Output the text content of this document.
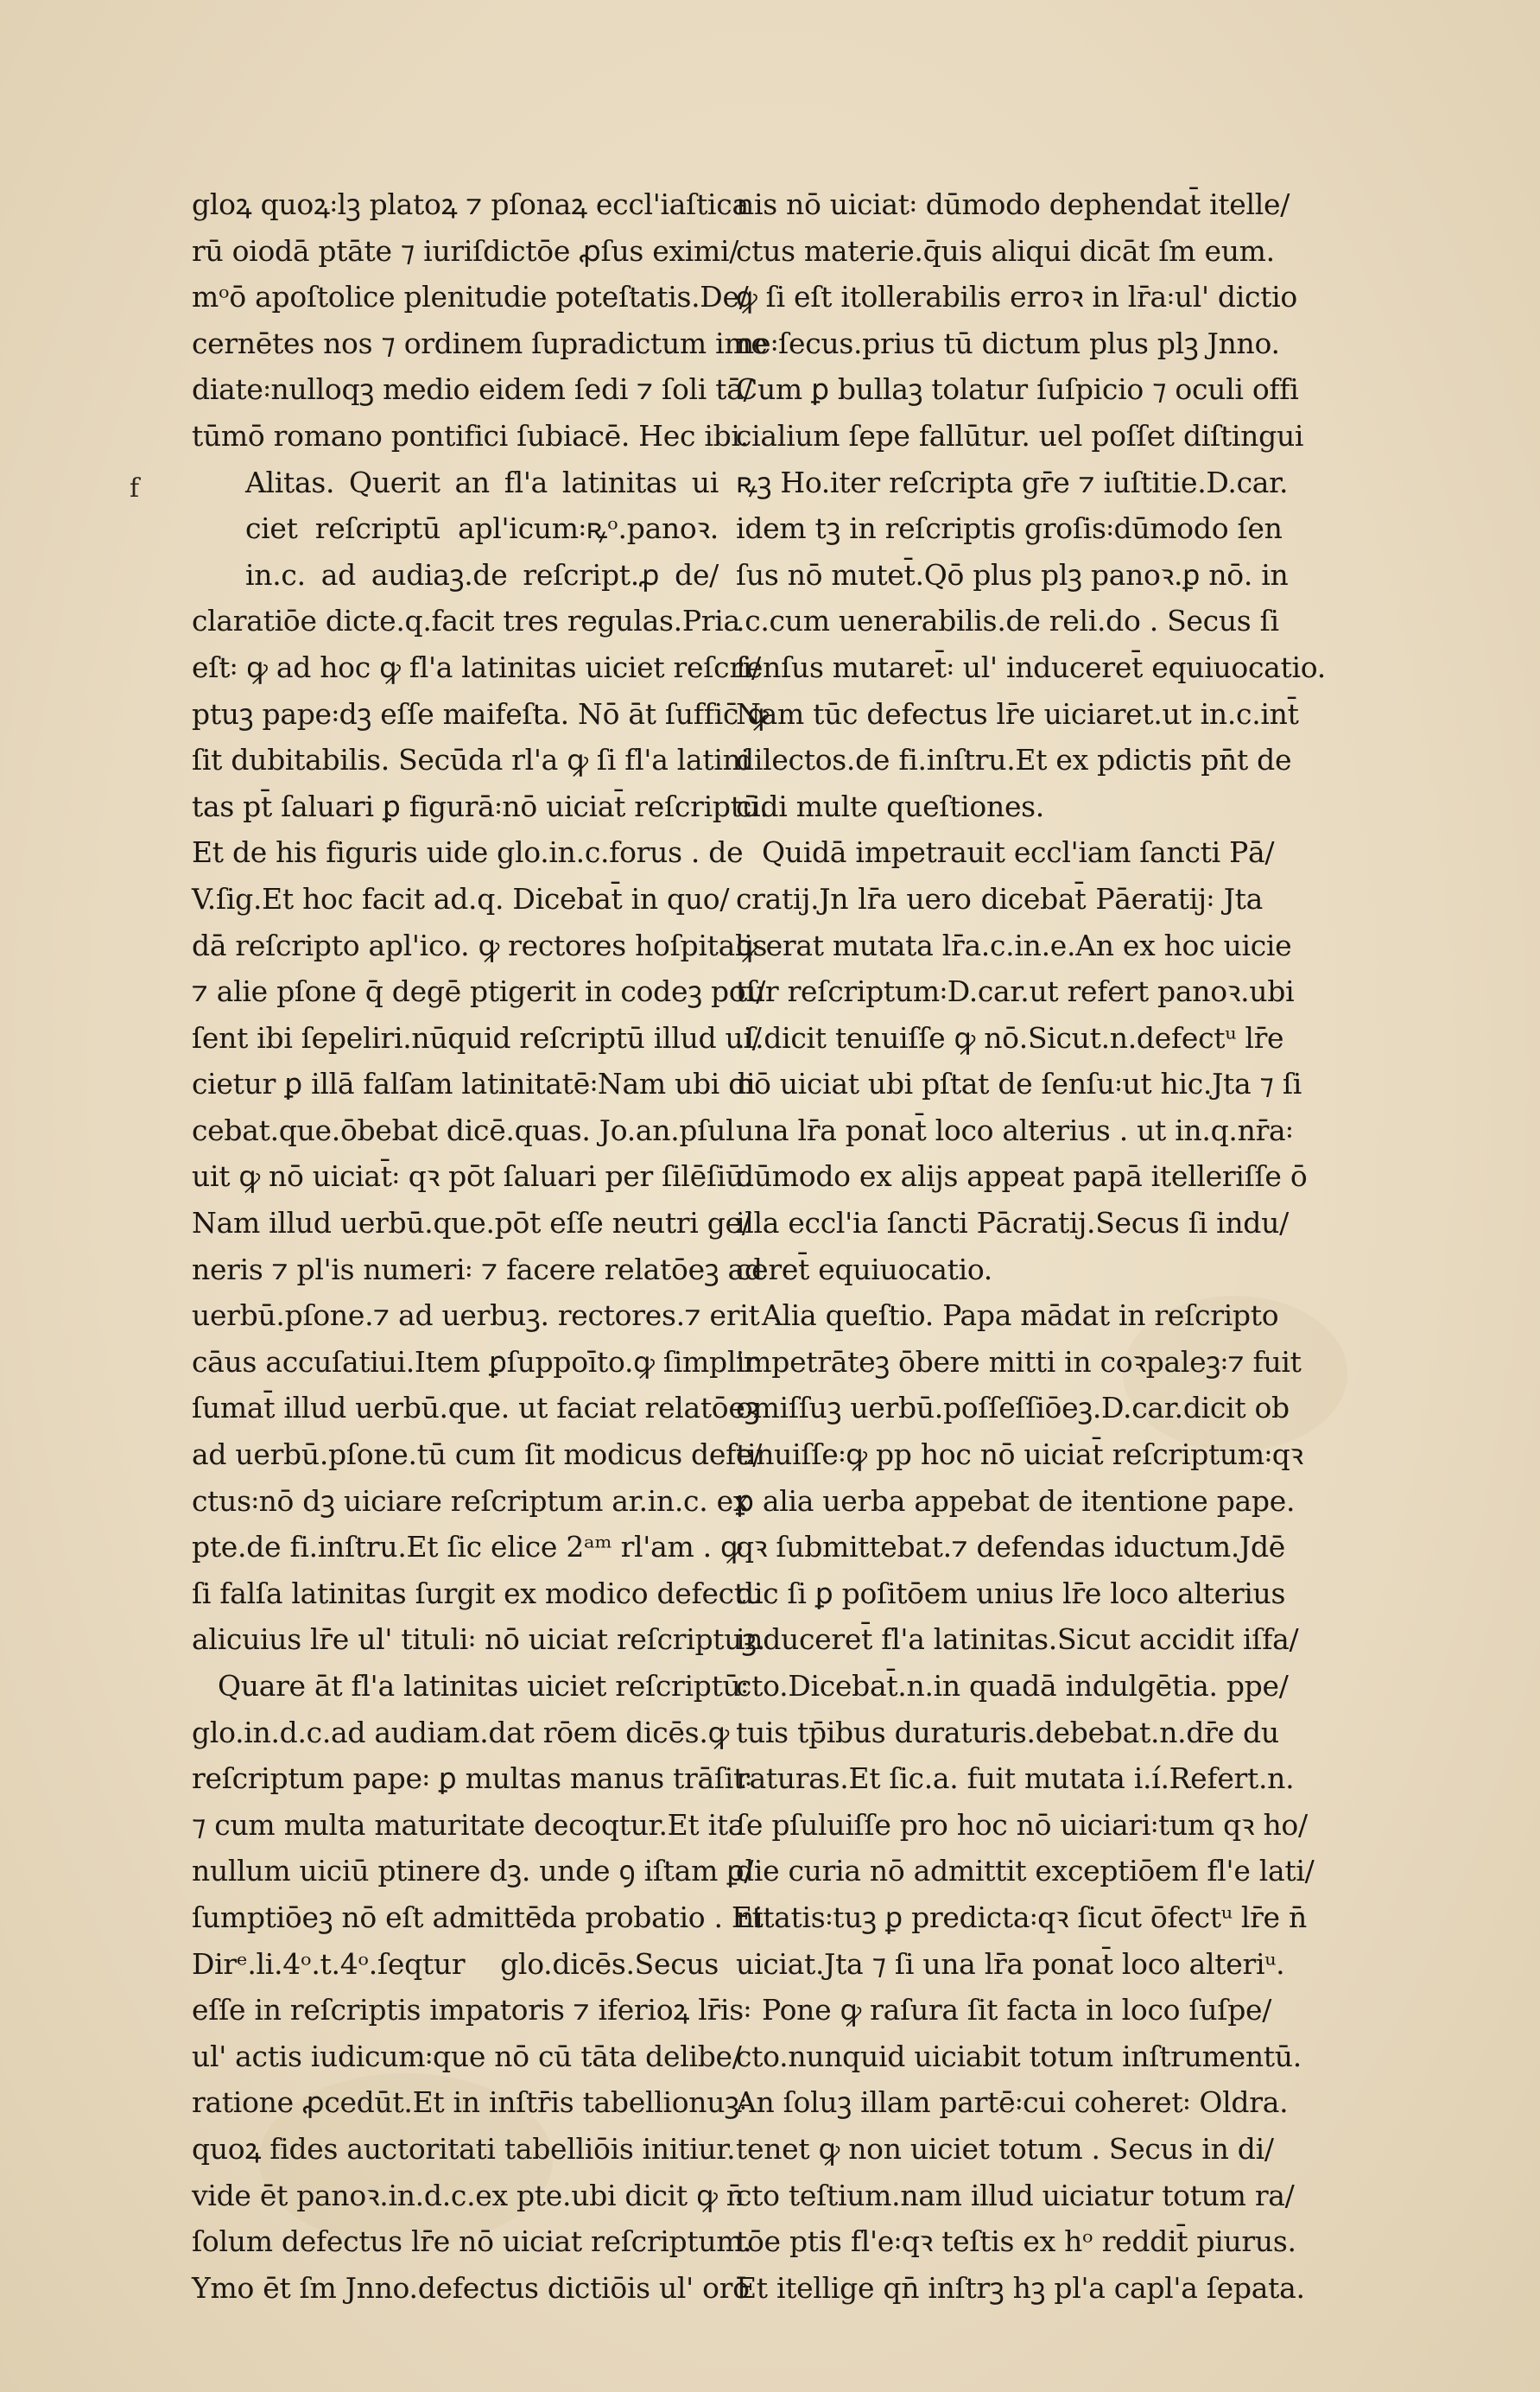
f
gloꝝ quoꝝ꞉lꝫ platoꝝ ⁊ pſonaꝝ eccl'iaſtica
rū oiodā ptāte ⁊ iuriſdictōe ꝓſus eximi/
mᵒō apoſtolice plenitudie poteſtatis.De/
cernētes nos ⁊ ordinem ſupradictum ime
diate꞉nulloqꝫ medio eidem ſedi ⁊ ſoli tā/
tūmō romano pontifici ſubiacē. Hec ibi.
Alitas. Querit an fl'a latinitas ui
ciet reſcriptū apl'icum꞉ꝶᵒ.panoꝛ.
in.c. ad audiaꝫ.de reſcript.ꝓ de/
claratiōe dicte.q.facit tres regulas.Pria
eſt꞉ ꝙ ad hoc ꝙ fl'a latinitas uiciet reſcri/
ptuꝫ pape꞉dꝫ eſſe maifeſta. Nō āt ſuffic̄ ꝙ
ſit dubitabilis. Secūda rl'a ꝙ ſi fl'a latini
tas pt̄ ſaluari ꝑ figurā꞉nō uiciat̄ reſcriptū.
Et de his figuris uide glo.in.c.forus . de
V.ſig.Et hoc facit ad.q. Dicebat̄ in quo/
dā reſcripto apl'ico. ꝙ rectores hoſpitalis
⁊ alie pſone q̄ degē ptigerit in codeꝫ poſ/
ſent ibi ſepeliri.nūquid reſcriptū illud ui/
cietur ꝑ illā falſam latinitatē꞉Nam ubi di
cebat.que.ōbebat dicē.quas. Jo.an.pſul
uit ꝙ nō uiciat̄꞉ qꝛ pōt ſaluari per ſilēſiū.
Nam illud uerbū.que.pōt eſſe neutri ge/
neris ⁊ pl'is numeri꞉ ⁊ facere relatōeꝫ ad
uerbū.pſone.⁊ ad uerbuꝫ. rectores.⁊ erit
cāus accuſatiui.Item ꝑſuppoīto.ꝙ ſimpl'r
ſumat̄ illud uerbū.que. ut faciat relatōeꝫ
ad uerbū.pſone.tū cum ſit modicus defe/
ctus꞉nō dꝫ uiciare reſcriptum ar.in.c. ex
pte.de fi.inſtru.Et ſic elice 2ᵃᵐ rl'am . ꝙ
ſi falſa latinitas ſurgit ex modico defectu
alicuius lr̄e ul' tituli꞉ nō uiciat reſcriptuꝫ.
Quare āt fl'a latinitas uiciet reſcriptū꞉
glo.in.d.c.ad audiam.dat rōem dicēs.ꝙ
reſcriptum pape꞉ ꝑ multas manus trāſit꞉
⁊ cum multa maturitate decoqtur.Et ita
nullum uiciū ptinere dꝫ. unde ꝯ iſtam ꝑ/
ſumptiōeꝫ nō eſt admittēda probatio . Et
Dirᵉ.li.4ᵒ.t.4ᵒ.ſeqtur glo.dicēs.Secus
eſſe in reſcriptis impatoris ⁊ iferioꝝ lr̄is꞉
ul' actis iudicum꞉que nō cū tāta delibe/
ratione ꝓcedūt.Et in inſtr̄is tabellionuꝫ꞉
quoꝝ fides auctoritati tabelliōis initiur.
vide ēt panoꝛ.in.d.c.ex pte.ubi dicit ꝙ n̄
ſolum defectus lr̄e nō uiciat reſcriptum.
Ymo ēt ſm Jnno.defectus dictiōis ul' orō
nis nō uiciat꞉ dūmodo dephendat̄ itelle/
ctus materie.q̄uis aliqui dicāt ſm eum.
ꝙ ſi eſt itollerabilis erroꝛ in lr̄a꞉ul' dictio
ne꞉ſecus.prius tū dictum plus plꝫ Jnno.
Cum ꝑ bullaꝫ tolatur ſuſpicio ⁊ oculi offi
cialium ſepe fallūtur. uel poſſet diſtingui
ꝶꝫ Ho.iter reſcripta gr̄e ⁊ iuſtitie.D.car.
idem tꝫ in reſcriptis groſis꞉dūmodo ſen
ſus nō mutet̄.Qō plus plꝫ panoꝛ.ꝑ nō. in
.c.cum uenerabilis.de reli.do . Secus ſi
ſenſus mutaret̄꞉ ul' induceret̄ equiuocatio.
Nam tūc defectus lr̄e uiciaret.ut in.c.int̄
dilectos.de fi.inſtru.Et ex pdictis pn̄t de
cidi multe queſtiones.
Quidā impetrauit eccl'iam ſancti Pā/
cratij.Jn lr̄a uero dicebat̄ Pāeratij꞉ Jta
ꝙ erat mutata lr̄a.c.in.e.An ex hoc uicie
tur reſcriptum꞉D.car.ut refert panoꝛ.ubi
.ſ.dicit tenuiſſe ꝙ nō.Sicut.n.defectᵘ lr̄e
nō uiciat ubi pſtat de ſenſu꞉ut hic.Jta ⁊ ſi
una lr̄a ponat̄ loco alterius . ut in.q.nr̄a꞉
dūmodo ex alijs appeat papā itelleriſſe ō
illa eccl'ia ſancti Pācratij.Secus ſi indu/
ceret̄ equiuocatio.
Alia queſtio. Papa mādat in reſcripto
impetrāteꝫ ōbere mitti in coꝛpaleꝫ꞉⁊ fuit
omiſſuꝫ uerbū.poſſeſſiōeꝫ.D.car.dicit ob
tinuiſſe꞉ꝙ pp hoc nō uiciat̄ reſcriptum꞉qꝛ
ꝑ alia uerba appebat de itentione pape.
qꝛ ſubmittebat.⁊ defendas iductum.Jdē
dic ſi ꝑ poſitōem unius lr̄e loco alterius
induceret̄ fl'a latinitas.Sicut accidit iſfa/
cto.Dicebat̄.n.in quadā indulgētia. ppe/
tuis tp̄ibus duraturis.debebat.n.dr̄e du
raturas.Et ſic.a. fuit mutata i.í.Refert.n.
ſe pſuluiſſe pro hoc nō uiciari꞉tum qꝛ ho/
die curia nō admittit exceptiōem fl'e lati/
nitatis꞉tuꝫ ꝑ predicta꞉qꝛ ſicut ōfectᵘ lr̄e n̄
uiciat.Jta ⁊ ſi una lr̄a ponat̄ loco alteriᵘ.
Pone ꝙ raſura ſit facta in loco ſuſpe/
cto.nunquid uiciabit totum inſtrumentū.
An ſoluꝫ illam partē꞉cui coheret꞉ Oldra.
tenet ꝙ non uiciet totum . Secus in di/
cto teſtium.nam illud uiciatur totum ra/
tōe ptis fl'e꞉qꝛ teſtis ex hᵒ reddit̄ piurus.
Et itellige qn̄ inſtrꝫ hꝫ pl'a capl'a ſepata.
